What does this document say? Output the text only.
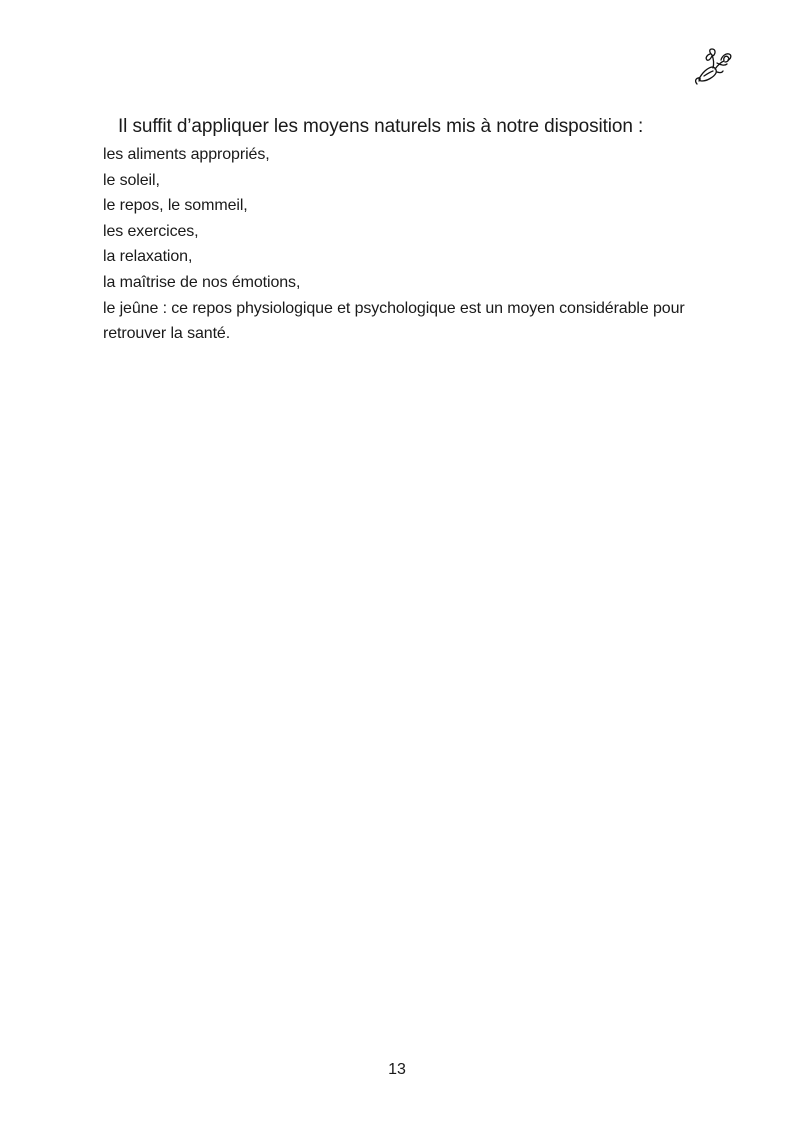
Il suffit d’appliquer les moyens naturels mis à notre disposition :

les aliments appropriés,
le soleil,
le repos, le sommeil,
les exercices,
la relaxation,
la maîtrise de nos émotions,
le jeûne : ce repos physiologique et psychologique est un moyen considérable pour retrouver la santé.
13
